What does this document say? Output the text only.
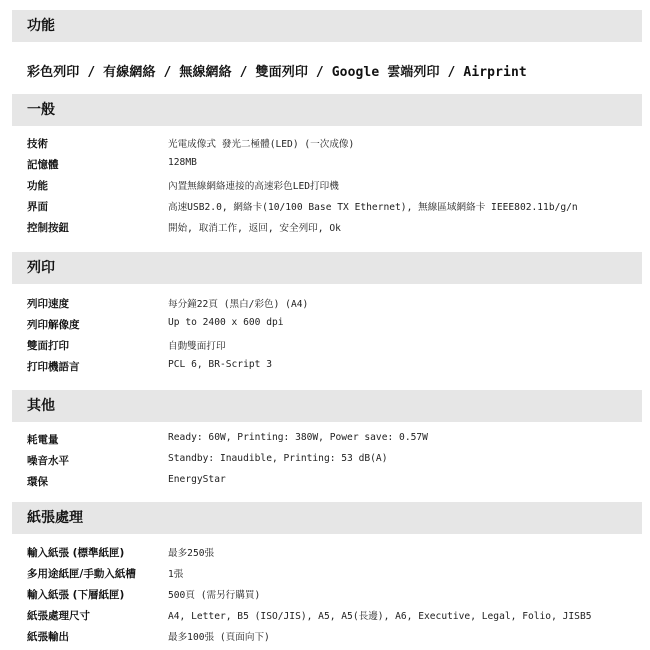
功能
彩色列印 / 有線網絡 / 無線網絡 / 雙面列印 / Google 雲端列印 / Airprint
一般
技術	光電成像式 發光二極體(LED) (一次成像)
記憶體	128MB
功能	內置無線網絡連接的高速彩色LED打印機
界面	高速USB2.0, 網絡卡(10/100 Base TX Ethernet), 無線區域網絡卡 IEEE802.11b/g/n
控制按鈕	開始, 取消工作, 返回, 安全列印, Ok
列印
列印速度	每分鐘22頁 (黑白/彩色) (A4)
列印解像度	Up to 2400 x 600 dpi
雙面打印	自動雙面打印
打印機語言	PCL 6, BR-Script 3
其他
耗電量	Ready: 60W, Printing: 380W, Power save: 0.57W
噪音水平	Standby: Inaudible, Printing: 53 dB(A)
環保	EnergyStar
紙張處理
輸入紙張 (標準紙匣)	最多250張
多用途紙匣/手動入紙槽	1張
輸入紙張 (下層紙匣)	500頁 (需另行購買)
紙張處理尺寸	A4, Letter, B5 (ISO/JIS), A5, A5(長邊), A6, Executive, Legal, Folio, JISB5
紙張輸出	最多100張 (頁面向下)
